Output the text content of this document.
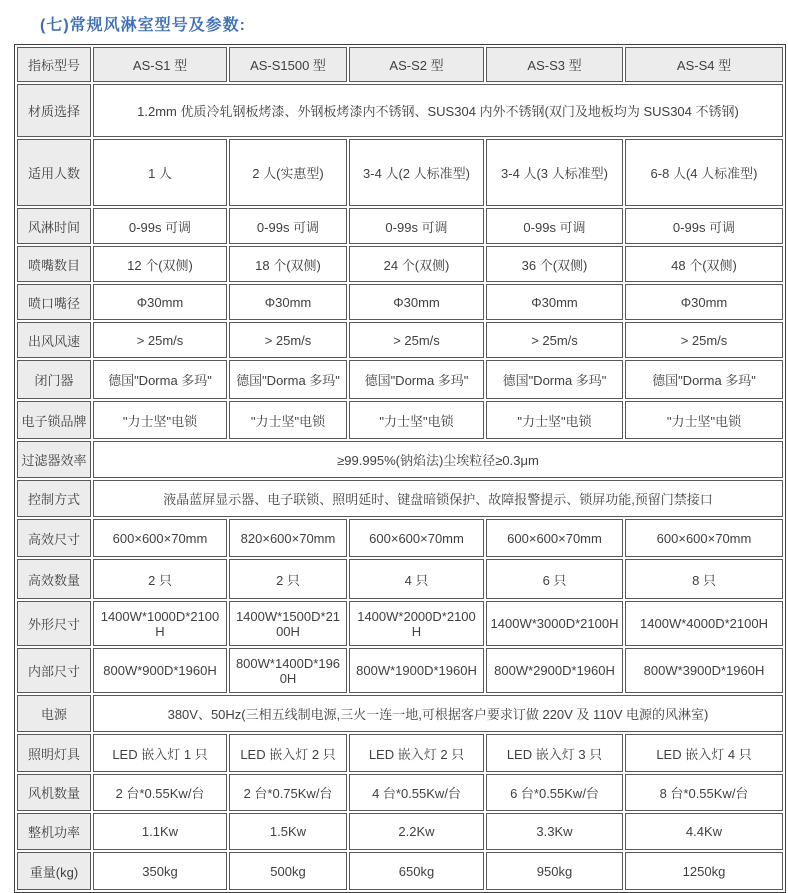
(七)常规风淋室型号及参数:
指标型号	AS-S1 型	AS-S1500 型	AS-S2 型	AS-S3 型	AS-S4 型
材质选择	1.2mm 优质冷轧钢板烤漆、外钢板烤漆内不锈钢、SUS304 内外不锈钢(双门及地板均为 SUS304 不锈钢)				
适用人数	1 人	2 人(实惠型)	3-4 人(2 人标准型)	3-4 人(3 人标准型)	6-8 人(4 人标准型)
风淋时间	0-99s 可调	0-99s 可调	0-99s 可调	0-99s 可调	0-99s 可调
喷嘴数目	12 个(双侧)	18 个(双侧)	24 个(双侧)	36 个(双侧)	48 个(双侧)
喷口嘴径	Φ30mm	Φ30mm	Φ30mm	Φ30mm	Φ30mm
出风风速	> 25m/s	> 25m/s	> 25m/s	> 25m/s	> 25m/s
闭门器	德国"Dorma 多玛"	德国"Dorma 多玛"	德国"Dorma 多玛"	德国"Dorma 多玛"	德国"Dorma 多玛"
电子锁品牌	"力士坚"电锁	"力士坚"电锁	"力士坚"电锁	"力士坚"电锁	"力士坚"电锁
过滤器效率	≥99.995%(钠焰法)尘埃粒径≥0.3μm				
控制方式	液晶蓝屏显示器、电子联锁、照明延时、键盘暗锁保护、故障报警提示、锁屏功能,预留门禁接口				
高效尺寸	600×600×70mm	820×600×70mm	600×600×70mm	600×600×70mm	600×600×70mm
高效数量	2 只	2 只	4 只	6 只	8 只
外形尺寸	1400W*1000D*2100H	1400W*1500D*2100H	1400W*2000D*2100H	1400W*3000D*2100H	1400W*4000D*2100H
内部尺寸	800W*900D*1960H	800W*1400D*1960H	800W*1900D*1960H	800W*2900D*1960H	800W*3900D*1960H
电源	380V、50Hz(三相五线制电源,三火一连一地,可根据客户要求订做 220V 及 110V 电源的风淋室)				
照明灯具	LED 嵌入灯 1 只	LED 嵌入灯 2 只	LED 嵌入灯 2 只	LED 嵌入灯 3 只	LED 嵌入灯 4 只
风机数量	2 台*0.55Kw/台	2 台*0.75Kw/台	4 台*0.55Kw/台	6 台*0.55Kw/台	8 台*0.55Kw/台
整机功率	1.1Kw	1.5Kw	2.2Kw	3.3Kw	4.4Kw
重量(kg)	350kg	500kg	650kg	950kg	1250kg
